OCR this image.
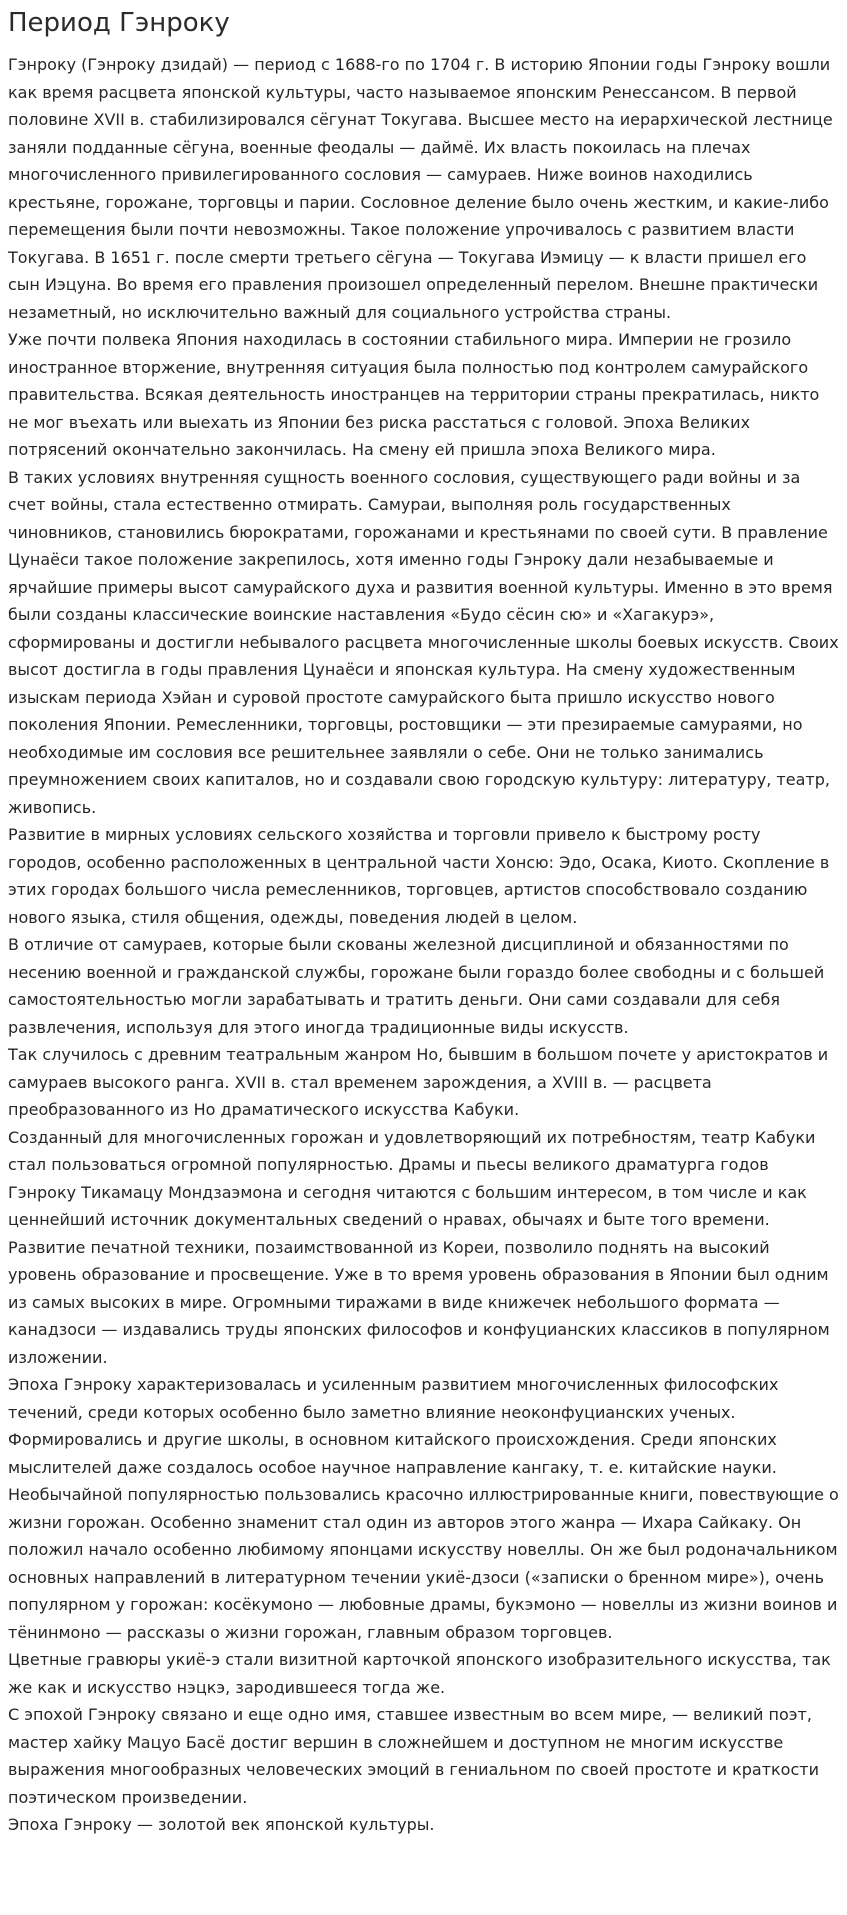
Период Гэнроку

Гэнроку (Гэнроку дзидай) — период с 1688-го по 1704 г. В историю Японии годы Гэнроку вошли как время расцвета японской культуры, часто называемое японским Ренессансом. В первой половине XVII в. стабилизировался сёгунат Токугава. Высшее место на иерархической лестнице заняли подданные сёгуна, военные феодалы — даймё. Их власть покоилась на плечах многочисленного привилегированного сословия — самураев. Ниже воинов находились крестьяне, горожане, торговцы и парии. Сословное деление было очень жестким, и какие-либо перемещения были почти невозможны. Такое положение упрочивалось с развитием власти Токугава. В 1651 г. после смерти третьего сёгуна — Токугава Иэмицу — к власти пришел его сын Иэцуна. Во время его правления произошел определенный перелом. Внешне практически незаметный, но исключительно важный для социального устройства страны.

Уже почти полвека Япония находилась в состоянии стабильного мира. Империи не грозило иностранное вторжение, внутренняя ситуация была полностью под контролем самурайского правительства. Всякая деятельность иностранцев на территории страны прекратилась, никто не мог въехать или выехать из Японии без риска расстаться с головой. Эпоха Великих потрясений окончательно закончилась. На смену ей пришла эпоха Великого мира.

В таких условиях внутренняя сущность военного сословия, существующего ради войны и за счет войны, стала естественно отмирать. Самураи, выполняя роль государственных чиновников, становились бюрократами, горожанами и крестьянами по своей сути. В правление Цунаёси такое положение закрепилось, хотя именно годы Гэнроку дали незабываемые и ярчайшие примеры высот самурайского духа и развития военной культуры. Именно в это время были созданы классические воинские наставления «Будо сёсин сю» и «Хагакурэ», сформированы и достигли небывалого расцвета многочисленные школы боевых искусств. Своих высот достигла в годы правления Цунаёси и японская культура. На смену художественным изыскам периода Хэйан и суровой простоте самурайского быта пришло искусство нового поколения Японии. Ремесленники, торговцы, ростовщики — эти презираемые самураями, но необходимые им сословия все решительнее заявляли о себе. Они не только занимались преумножением своих капиталов, но и создавали свою городскую культуру: литературу, театр, живопись.

Развитие в мирных условиях сельского хозяйства и торговли привело к быстрому росту городов, особенно расположенных в центральной части Хонсю: Эдо, Осака, Киото. Скопление в этих городах большого числа ремесленников, торговцев, артистов способствовало созданию нового языка, стиля общения, одежды, поведения людей в целом.

В отличие от самураев, которые были скованы железной дисциплиной и обязанностями по несению военной и гражданской службы, горожане были гораздо более свободны и с большей самостоятельностью могли зарабатывать и тратить деньги. Они сами создавали для себя развлечения, используя для этого иногда традиционные виды искусств.

Так случилось с древним театральным жанром Но, бывшим в большом почете у аристократов и самураев высокого ранга. XVII в. стал временем зарождения, а XVIII в. — расцвета преобразованного из Но драматического искусства Кабуки.

Созданный для многочисленных горожан и удовлетворяющий их потребностям, театр Кабуки стал пользоваться огромной популярностью. Драмы и пьесы великого драматурга годов Гэнроку Тикамацу Мондзаэмона и сегодня читаются с большим интересом, в том числе и как ценнейший источник документальных сведений о нравах, обычаях и быте того времени.

Развитие печатной техники, позаимствованной из Кореи, позволило поднять на высокий уровень образование и просвещение. Уже в то время уровень образования в Японии был одним из самых высоких в мире. Огромными тиражами в виде книжечек небольшого формата — канадзоси — издавались труды японских философов и конфуцианских классиков в популярном изложении.

Эпоха Гэнроку характеризовалась и усиленным развитием многочисленных философских течений, среди которых особенно было заметно влияние неоконфуцианских ученых. Формировались и другие школы, в основном китайского происхождения. Среди японских мыслителей даже создалось особое научное направление кангаку, т. е. китайские науки.

Необычайной популярностью пользовались красочно иллюстрированные книги, повествующие о жизни горожан. Особенно знаменит стал один из авторов этого жанра — Ихара Сайкаку. Он положил начало особенно любимому японцами искусству новеллы. Он же был родоначальником основных направлений в литературном течении укиё-дзоси («записки о бренном мире»), очень популярном у горожан: косёкумоно — любовные драмы, букэмоно — новеллы из жизни воинов и тёнинмоно — рассказы о жизни горожан, главным образом торговцев.

Цветные гравюры укиё-э стали визитной карточкой японского изобразительного искусства, так же как и искусство нэцкэ, зародившееся тогда же.

С эпохой Гэнроку связано и еще одно имя, ставшее известным во всем мире, — великий поэт, мастер хайку Мацуо Басё достиг вершин в сложнейшем и доступном не многим искусстве выражения многообразных человеческих эмоций в гениальном по своей простоте и краткости поэтическом произведении.

Эпоха Гэнроку — золотой век японской культуры.
